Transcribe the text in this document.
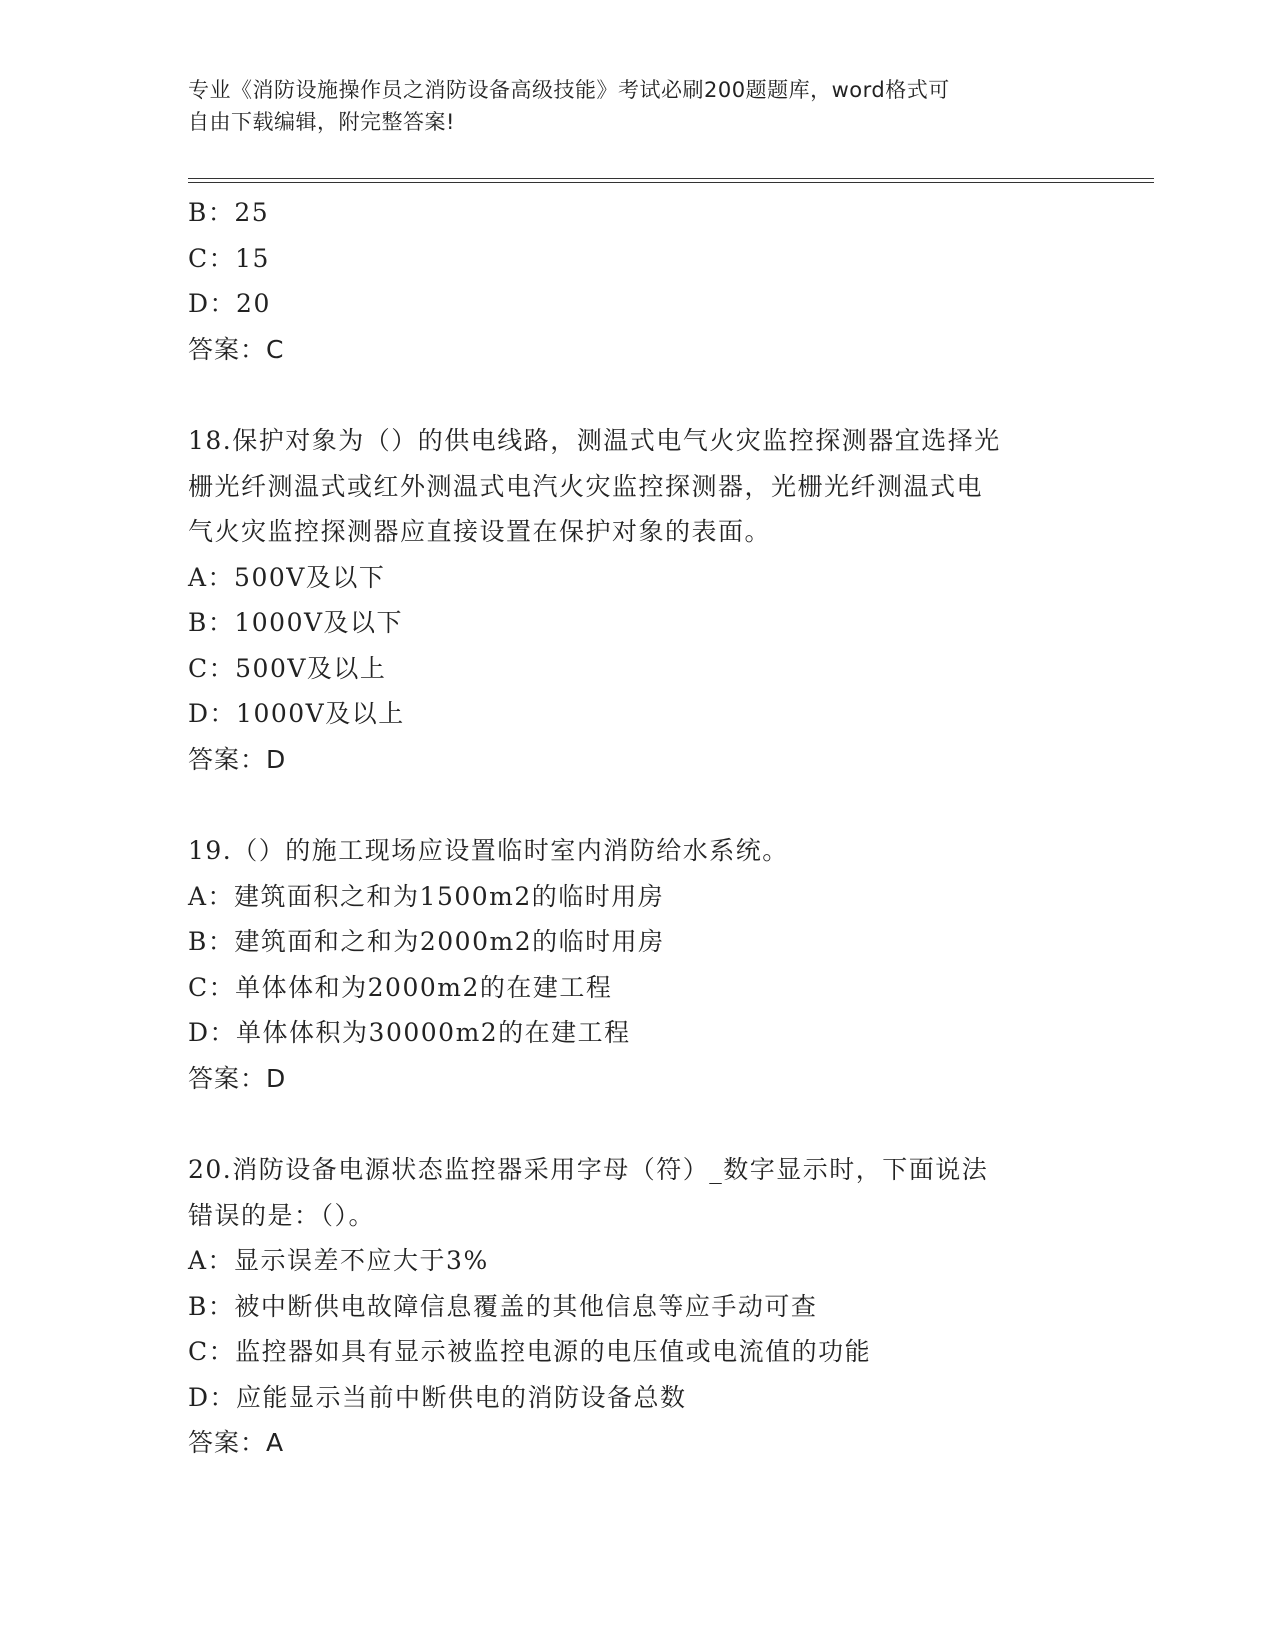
专业《消防设施操作员之消防设备高级技能》考试必刷200题题库，word格式可
自由下载编辑，附完整答案!
B：25
C：15
D：20
答案：C
18.保护对象为（）的供电线路，测温式电气火灾监控探测器宜选择光
栅光纤测温式或红外测温式电汽火灾监控探测器，光栅光纤测温式电
气火灾监控探测器应直接设置在保护对象的表面。
A：500V及以下
B：1000V及以下
C：500V及以上
D：1000V及以上
答案：D
19.（）的施工现场应设置临时室内消防给水系统。
A：建筑面积之和为1500m2的临时用房
B：建筑面和之和为2000m2的临时用房
C：单体体和为2000m2的在建工程
D：单体体积为30000m2的在建工程
答案：D
20.消防设备电源状态监控器采用字母（符）_数字显示时，下面说法
错误的是：（）。
A：显示误差不应大于3%
B：被中断供电故障信息覆盖的其他信息等应手动可查
C：监控器如具有显示被监控电源的电压值或电流值的功能
D：应能显示当前中断供电的消防设备总数
答案：A
